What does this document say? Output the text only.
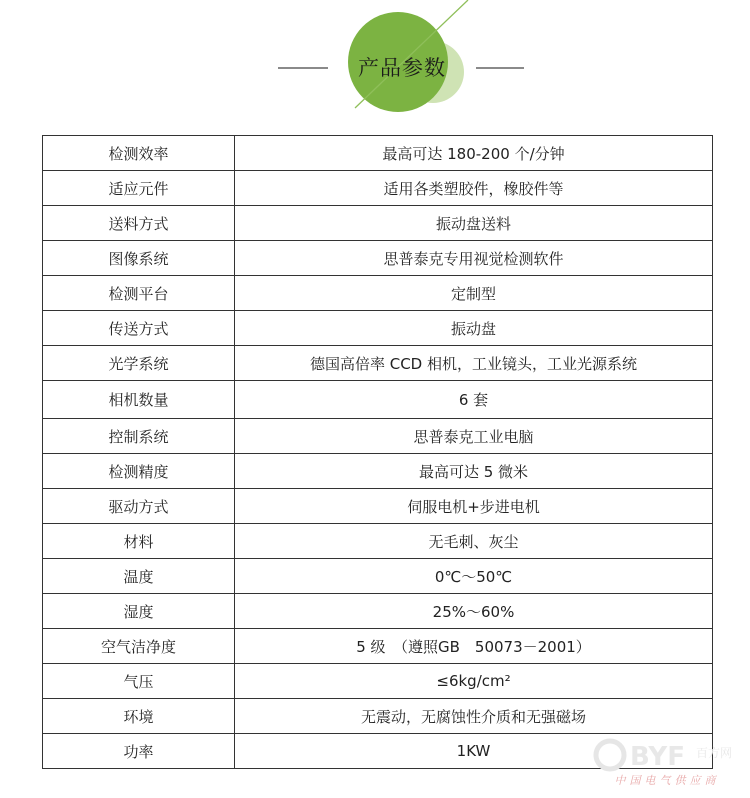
产品参数
检测效率	最高可达 180-200 个/分钟
适应元件	适用各类塑胶件，橡胶件等
送料方式	振动盘送料
图像系统	思普泰克专用视觉检测软件
检测平台	定制型
传送方式	振动盘
光学系统	德国高倍率 CCD 相机，工业镜头，工业光源系统
相机数量	6 套
控制系统	思普泰克工业电脑
检测精度	最高可达 5 微米
驱动方式	伺服电机+步进电机
材料	无毛刺、灰尘
温度	0℃～50℃
湿度	25%～60%
空气洁净度	5 级　（遵照GB　50073－2001）
气压	≤6kg/cm²
环境	无震动，无腐蚀性介质和无强磁场
功率	1KW	BYF 百方网
中国电气供应商
